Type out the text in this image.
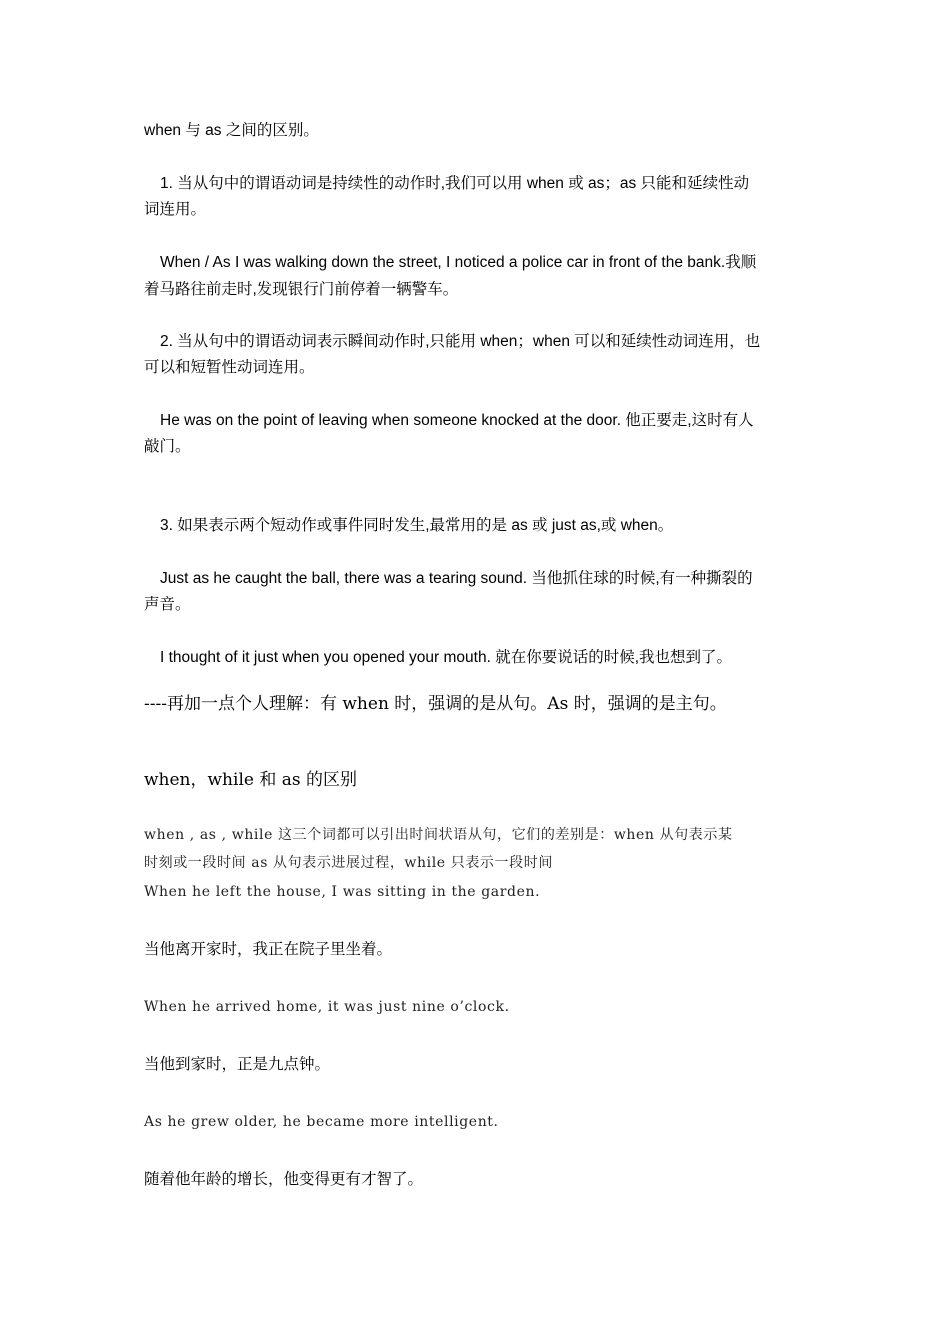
when 与 as 之间的区别。
1. 当从句中的谓语动词是持续性的动作时,我们可以用 when 或 as；as 只能和延续性动
词连用。
When / As I was walking down the street, I noticed a police car in front of the bank.我顺
着马路往前走时,发现银行门前停着一辆警车。
2. 当从句中的谓语动词表示瞬间动作时,只能用 when；when 可以和延续性动词连用，也
可以和短暂性动词连用。
He was on the point of leaving when someone knocked at the door. 他正要走,这时有人
敲门。
3. 如果表示两个短动作或事件同时发生,最常用的是 as 或 just as,或 when。
Just as he caught the ball, there was a tearing sound. 当他抓住球的时候,有一种撕裂的
声音。
I thought of it just when you opened your mouth. 就在你要说话的时候,我也想到了。
----再加一点个人理解：有 when 时，强调的是从句。As 时，强调的是主句。
when，while 和 as 的区别
when , as , while 这三个词都可以引出时间状语从句，它们的差别是：when 从句表示某
时刻或一段时间 as 从句表示进展过程，while 只表示一段时间
When he left the house, I was sitting in the garden.
当他离开家时，我正在院子里坐着。
When he arrived home, it was just nine o’clock.
当他到家时，正是九点钟。
As he grew older, he became more intelligent.
随着他年龄的增长，他变得更有才智了。
